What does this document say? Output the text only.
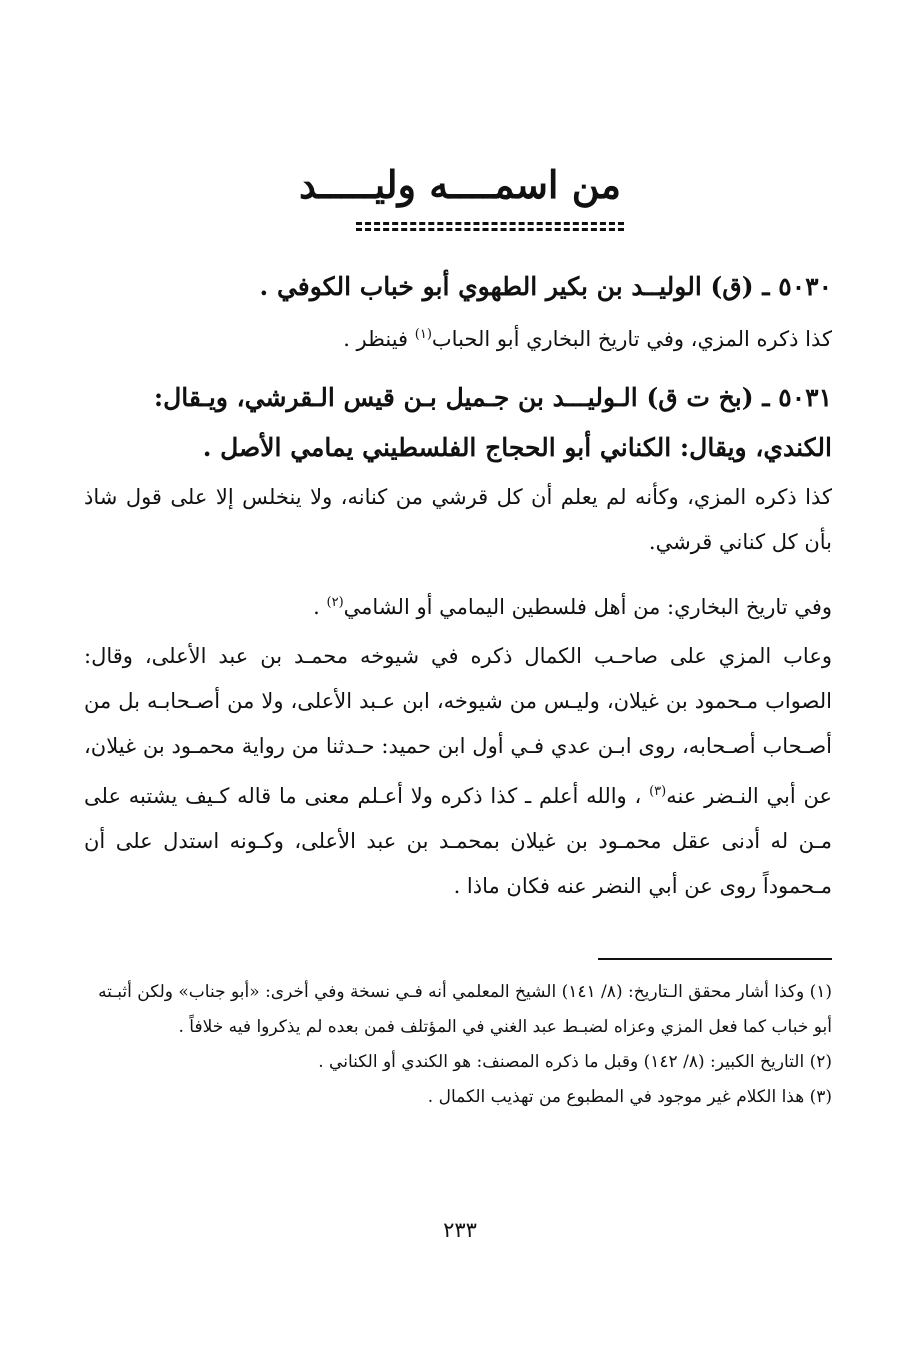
من اسمــــه وليـــــد
٥٠٣٠ ـ (ق) الوليــد بن بكير الطهوي أبو خباب الكوفي .

كذا ذكره المزي، وفي تاريخ البخاري أبو الحباب$^{(١)}$ فينظر .

٥٠٣١ ـ (بخ ت ق) الـوليـــد بن جـميل بـن قيس الـقرشي، ويـقال: الكندي، ويقال: الكناني أبو الحجاج الفلسطيني يمامي الأصل .
كذا ذكره المزي، وكأنه لم يعلم أن كل قرشي من كنانه، ولا ينخلس إلا على قول شاذ بأن كل كناني قرشي.

وفي تاريخ البخاري: من أهل فلسطين اليمامي أو الشامي$^{(٢)}$ .

وعاب المزي على صاحـب الكمال ذكره في شيوخه محمـد بن عبد الأعلى، وقال: الصواب مـحمود بن غيلان، وليـس من شيوخه، ابن عـبد الأعلى، ولا من أصـحابـه بل من أصـحاب أصـحابه، روى ابـن عدي فـي أول ابن حميد: حـدثنا من رواية محمـود بن غيلان، عن أبي النـضر عنه$^{(٣)}$ ، والله أعلم ـ كذا ذكره ولا أعـلم معنى ما قاله كـيف يشتبه على مـن له أدنى عقل محمـود بن غيلان بمحمـد بن عبد الأعلى، وكـونه استدل على أن مـحموداً روى عن أبي النضر عنه فكان ماذا .

(١) وكذا أشار محقق الـتاريخ: (٨/ ١٤١) الشيخ المعلمي أنه فـي نسخة وفي أخرى: «أبو جناب» ولكن أثبـته أبو خباب كما فعل المزي وعزاه لضبـط عبد الغني في المؤتلف فمن بعده لم يذكروا فيه خلافاً .

(٢) التاريخ الكبير: (٨/ ١٤٢) وقبل ما ذكره المصنف: هو الكندي أو الكناني .

(٣) هذا الكلام غير موجود في المطبوع من تهذيب الكمال .

٢٣٣
